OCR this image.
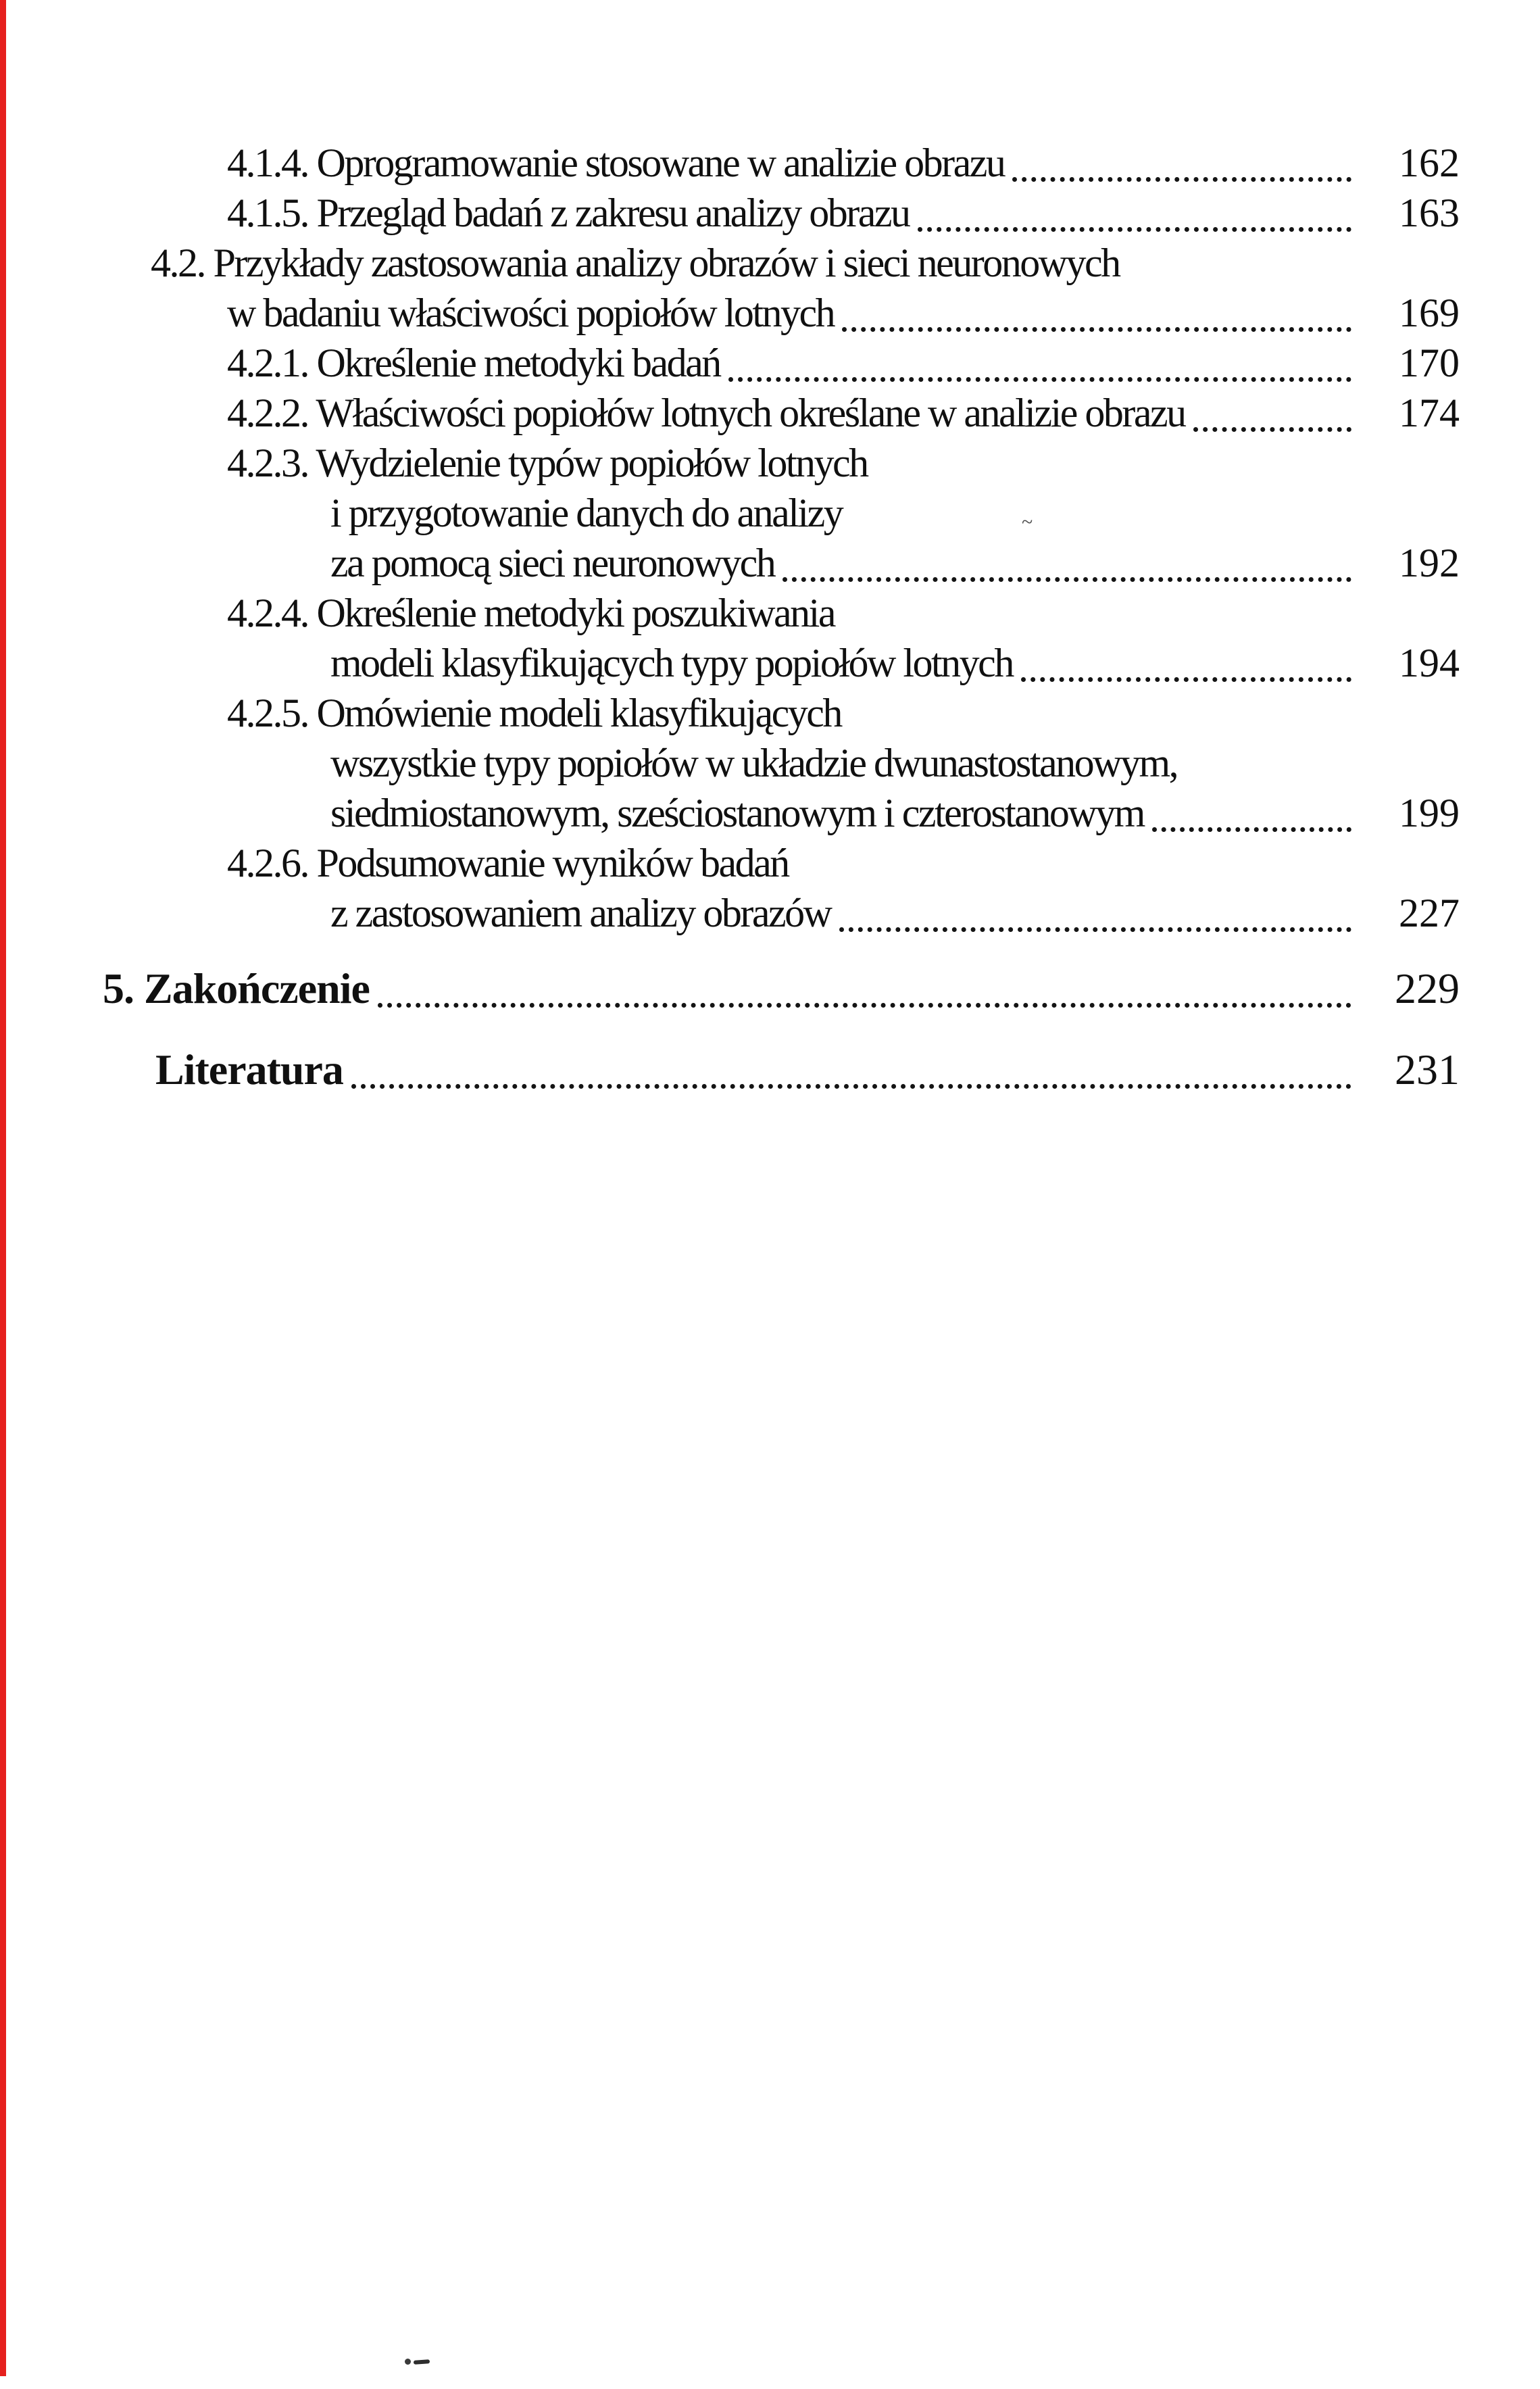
4.1.4. Oprogramowanie stosowane w analizie obrazu	162
4.1.5. Przegląd badań z zakresu analizy obrazu	163
4.2. Przykłady zastosowania analizy obrazów i sieci neuronowych
w badaniu właściwości popiołów lotnych	169
4.2.1. Określenie metodyki badań	170
4.2.2. Właściwości popiołów lotnych określane w analizie obrazu	174
4.2.3. Wydzielenie typów popiołów lotnych
i przygotowanie danych do analizy
za pomocą sieci neuronowych	192
4.2.4. Określenie metodyki poszukiwania
modeli klasyfikujących typy popiołów lotnych	194
4.2.5. Omówienie modeli klasyfikujących
wszystkie typy popiołów w układzie dwunastostanowym,
siedmiostanowym, sześciostanowym i czterostanowym	199
4.2.6. Podsumowanie wyników badań
z zastosowaniem analizy obrazów	227
5. Zakończenie	229
Literatura	231
~
